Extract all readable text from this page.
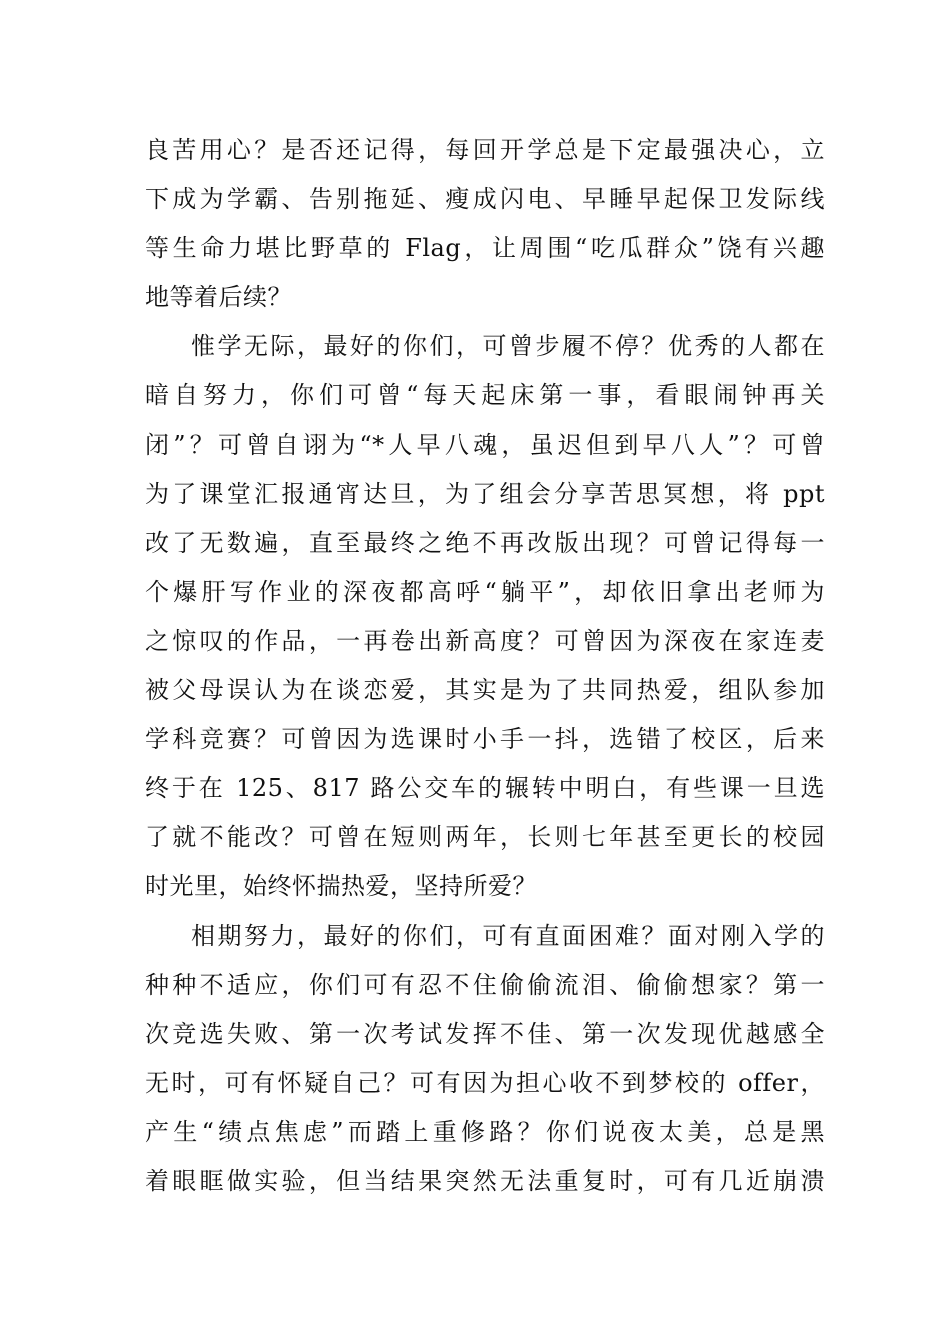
良苦用心？是否还记得，每回开学总是下定最强决心，立
下成为学霸、告别拖延、瘦成闪电、早睡早起保卫发际线
等生命力堪比野草的 Flag，让周围“吃瓜群众”饶有兴趣
地等着后续？
惟学无际，最好的你们，可曾步履不停？优秀的人都在
暗自努力，你们可曾“每天起床第一事，看眼闹钟再关
闭”？可曾自诩为“*人早八魂，虽迟但到早八人”？可曾
为了课堂汇报通宵达旦，为了组会分享苦思冥想，将 ppt
改了无数遍，直至最终之绝不再改版出现？可曾记得每一
个爆肝写作业的深夜都高呼“躺平”，却依旧拿出老师为
之惊叹的作品，一再卷出新高度？可曾因为深夜在家连麦
被父母误认为在谈恋爱，其实是为了共同热爱，组队参加
学科竞赛？可曾因为选课时小手一抖，选错了校区，后来
终于在 125、817 路公交车的辗转中明白，有些课一旦选
了就不能改？可曾在短则两年，长则七年甚至更长的校园
时光里，始终怀揣热爱，坚持所爱？
相期努力，最好的你们，可有直面困难？面对刚入学的
种种不适应，你们可有忍不住偷偷流泪、偷偷想家？第一
次竞选失败、第一次考试发挥不佳、第一次发现优越感全
无时，可有怀疑自己？可有因为担心收不到梦校的 offer，
产生“绩点焦虑”而踏上重修路？你们说夜太美，总是黑
着眼眶做实验，但当结果突然无法重复时，可有几近崩溃
